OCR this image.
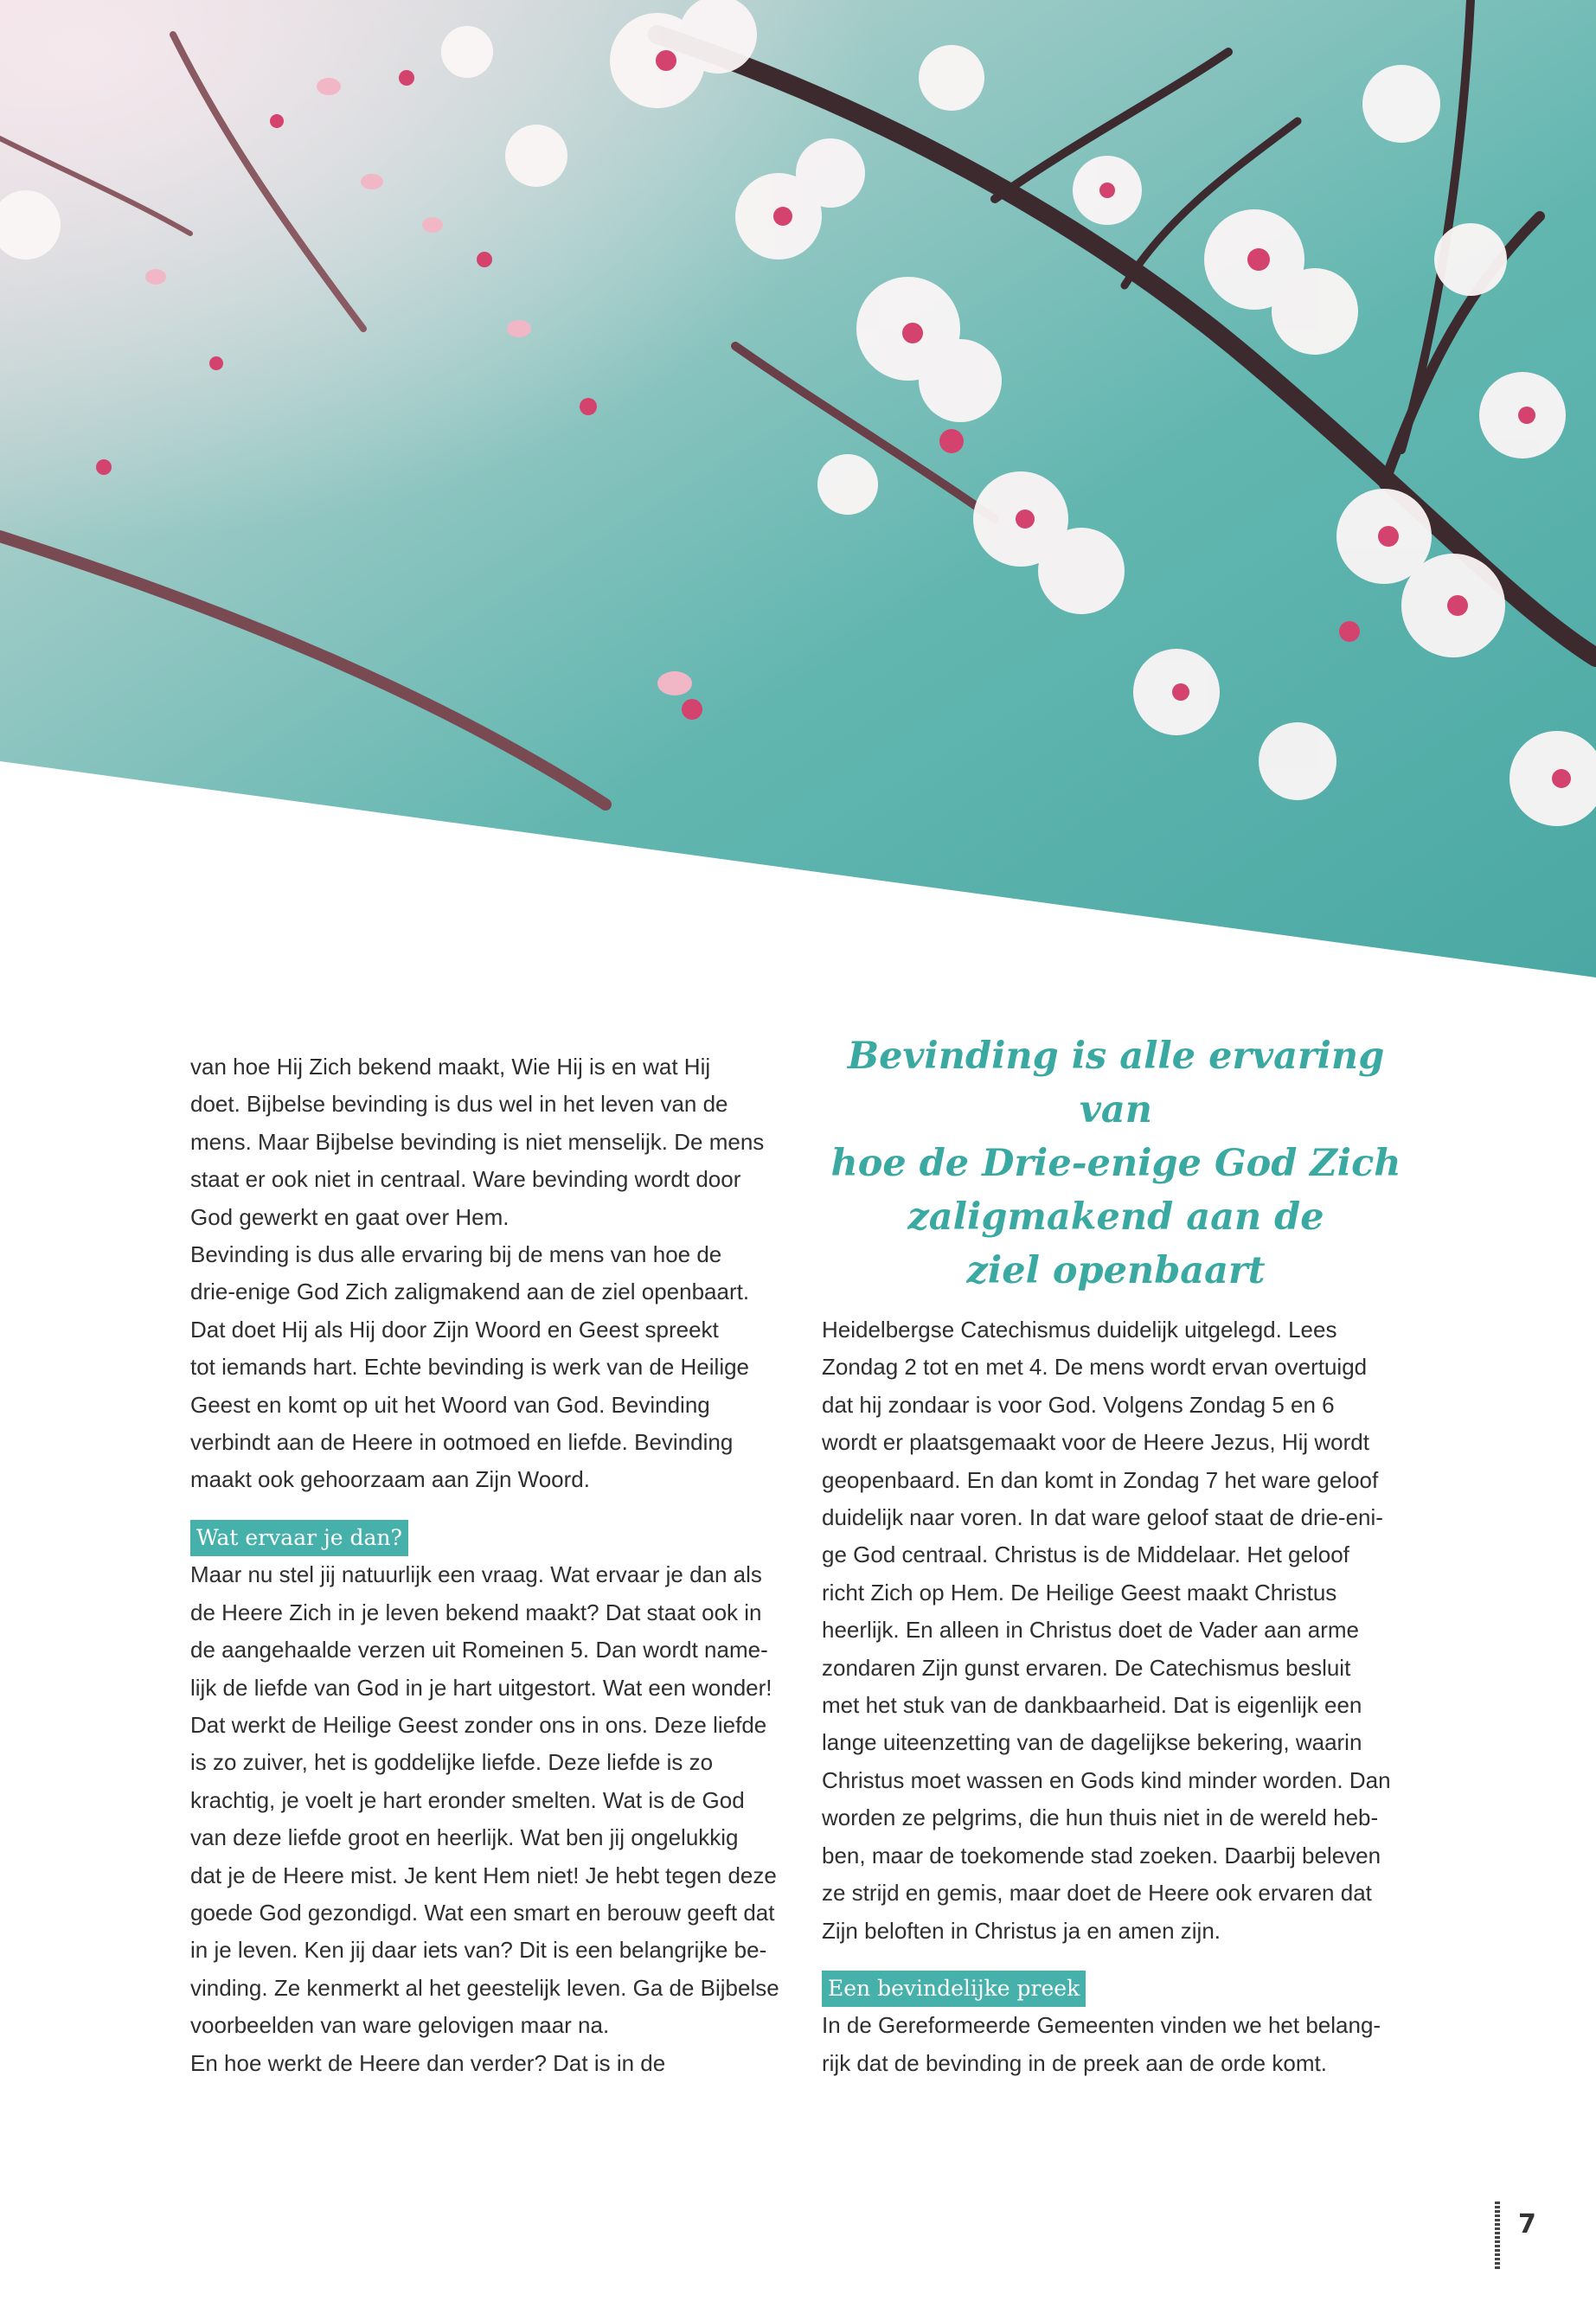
van hoe Hij Zich bekend maakt, Wie Hij is en wat Hij
doet. Bijbelse bevinding is dus wel in het leven van de
mens. Maar Bijbelse bevinding is niet menselijk. De mens
staat er ook niet in centraal. Ware bevinding wordt door
God gewerkt en gaat over Hem.

Bevinding is dus alle ervaring bij de mens van hoe de
drie-enige God Zich zaligmakend aan de ziel openbaart.
Dat doet Hij als Hij door Zijn Woord en Geest spreekt
tot iemands hart. Echte bevinding is werk van de Heilige
Geest en komt op uit het Woord van God. Bevinding
verbindt aan de Heere in ootmoed en liefde. Bevinding
maakt ook gehoorzaam aan Zijn Woord.

Wat ervaar je dan?

Maar nu stel jij natuurlijk een vraag. Wat ervaar je dan als
de Heere Zich in je leven bekend maakt? Dat staat ook in
de aangehaalde verzen uit Romeinen 5. Dan wordt name-
lijk de liefde van God in je hart uitgestort. Wat een wonder!
Dat werkt de Heilige Geest zonder ons in ons. Deze liefde
is zo zuiver, het is goddelijke liefde. Deze liefde is zo
krachtig, je voelt je hart eronder smelten. Wat is de God
van deze liefde groot en heerlijk. Wat ben jij ongelukkig
dat je de Heere mist. Je kent Hem niet! Je hebt tegen deze
goede God gezondigd. Wat een smart en berouw geeft dat
in je leven. Ken jij daar iets van? Dit is een belangrijke be-
vinding. Ze kenmerkt al het geestelijk leven. Ga de Bijbelse
voorbeelden van ware gelovigen maar na.

En hoe werkt de Heere dan verder? Dat is in de

Bevinding is alle ervaring van
hoe de Drie-enige God Zich
zaligmakend aan de
ziel openbaart

Heidelbergse Catechismus duidelijk uitgelegd. Lees
Zondag 2 tot en met 4. De mens wordt ervan overtuigd
dat hij zondaar is voor God. Volgens Zondag 5 en 6
wordt er plaatsgemaakt voor de Heere Jezus, Hij wordt
geopenbaard. En dan komt in Zondag 7 het ware geloof
duidelijk naar voren. In dat ware geloof staat de drie-eni-
ge God centraal. Christus is de Middelaar. Het geloof
richt Zich op Hem. De Heilige Geest maakt Christus
heerlijk. En alleen in Christus doet de Vader aan arme
zondaren Zijn gunst ervaren. De Catechismus besluit
met het stuk van de dankbaarheid. Dat is eigenlijk een
lange uiteenzetting van de dagelijkse bekering, waarin
Christus moet wassen en Gods kind minder worden. Dan
worden ze pelgrims, die hun thuis niet in de wereld heb-
ben, maar de toekomende stad zoeken. Daarbij beleven
ze strijd en gemis, maar doet de Heere ook ervaren dat
Zijn beloften in Christus ja en amen zijn.

Een bevindelijke preek

In de Gereformeerde Gemeenten vinden we het belang-
rijk dat de bevinding in de preek aan de orde komt.

7
